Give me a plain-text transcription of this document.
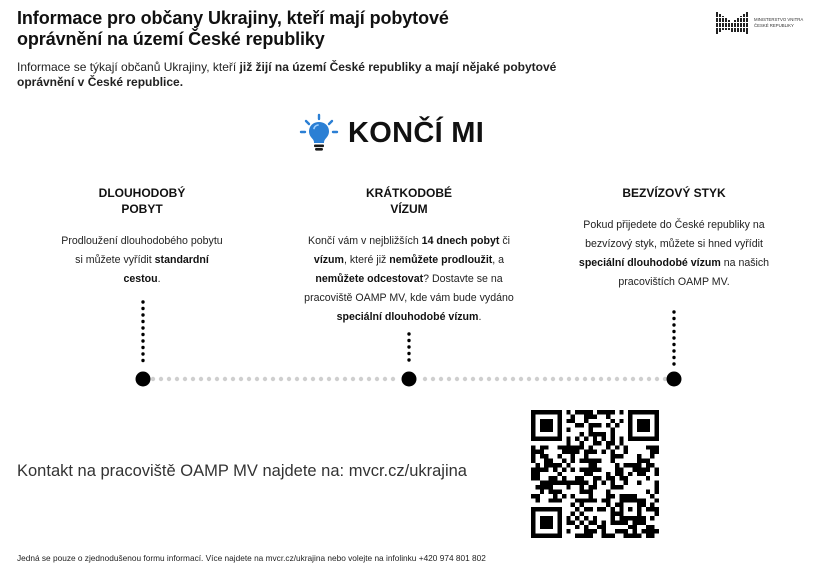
Informace pro občany Ukrajiny, kteří mají pobytové oprávnění na území České republiky
Informace se týkají občanů Ukrajiny, kteří již žijí na území České republiky a mají nějaké pobytové oprávnění v České republice.
MINISTERSTVO VNITRA
ČESKÉ REPUBLIKY
KONČÍ MI
DLOUHODOBÝ POBYT

Prodloužení dlouhodobého pobytu si můžete vyřídit standardní cestou.

KRÁTKODOBÉ VÍZUM

Končí vám v nejbližších 14 dnech pobyt či vízum, které již nemůžete prodloužit, a nemůžete odcestovat? Dostavte se na pracoviště OAMP MV, kde vám bude vydáno speciální dlouhodobé vízum.

BEZVÍZOVÝ STYK

Pokud přijedete do České republiky na bezvízový styk, můžete si hned vyřídit speciální dlouhodobé vízum na našich pracovištích OAMP MV.

Kontakt na pracoviště OAMP MV najdete na: mvcr.cz/ukrajina
Jedná se pouze o zjednodušenou formu informací. Více najdete na mvcr.cz/ukrajina nebo volejte na infolinku +420 974 801 802
